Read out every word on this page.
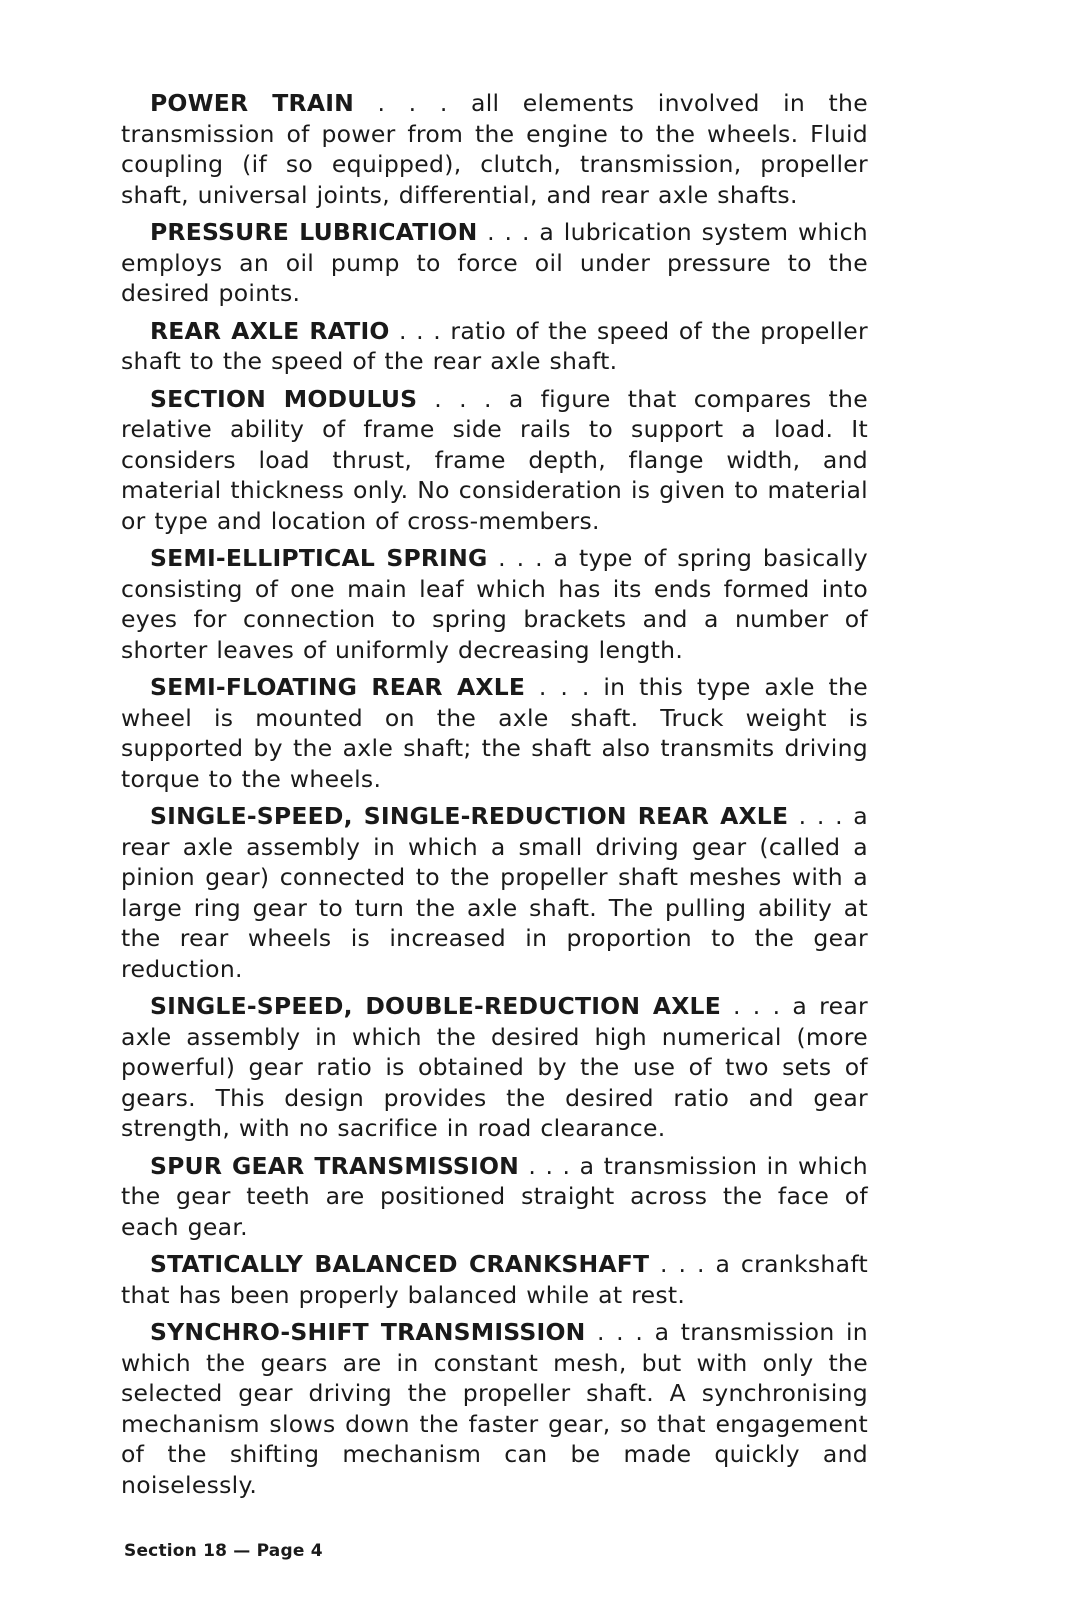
POWER TRAIN . . . all elements involved in the transmission of power from the engine to the wheels. Fluid coupling (if so equipped), clutch, transmission, propeller shaft, universal joints, differential, and rear axle shafts.

PRESSURE LUBRICATION . . . a lubrication system which employs an oil pump to force oil under pressure to the desired points.

REAR AXLE RATIO . . . ratio of the speed of the propeller shaft to the speed of the rear axle shaft.

SECTION MODULUS . . . a figure that compares the relative ability of frame side rails to support a load. It considers load thrust, frame depth, flange width, and material thickness only. No consideration is given to material or type and location of cross-members.

SEMI-ELLIPTICAL SPRING . . . a type of spring basically consisting of one main leaf which has its ends formed into eyes for connection to spring brackets and a number of shorter leaves of uniformly decreasing length.

SEMI-FLOATING REAR AXLE . . . in this type axle the wheel is mounted on the axle shaft. Truck weight is supported by the axle shaft; the shaft also transmits driving torque to the wheels.

SINGLE-SPEED, SINGLE-REDUCTION REAR AXLE . . . a rear axle assembly in which a small driving gear (called a pinion gear) connected to the propeller shaft meshes with a large ring gear to turn the axle shaft. The pulling ability at the rear wheels is increased in proportion to the gear reduction.

SINGLE-SPEED, DOUBLE-REDUCTION AXLE . . . a rear axle assembly in which the desired high numerical (more powerful) gear ratio is obtained by the use of two sets of gears. This design provides the desired ratio and gear strength, with no sacrifice in road clearance.

SPUR GEAR TRANSMISSION . . . a transmission in which the gear teeth are positioned straight across the face of each gear.

STATICALLY BALANCED CRANKSHAFT . . . a crankshaft that has been properly balanced while at rest.

SYNCHRO-SHIFT TRANSMISSION . . . a transmission in which the gears are in constant mesh, but with only the selected gear driving the propeller shaft. A synchronising mechanism slows down the faster gear, so that engagement of the shifting mechanism can be made quickly and noiselessly.

Section 18 — Page 4
